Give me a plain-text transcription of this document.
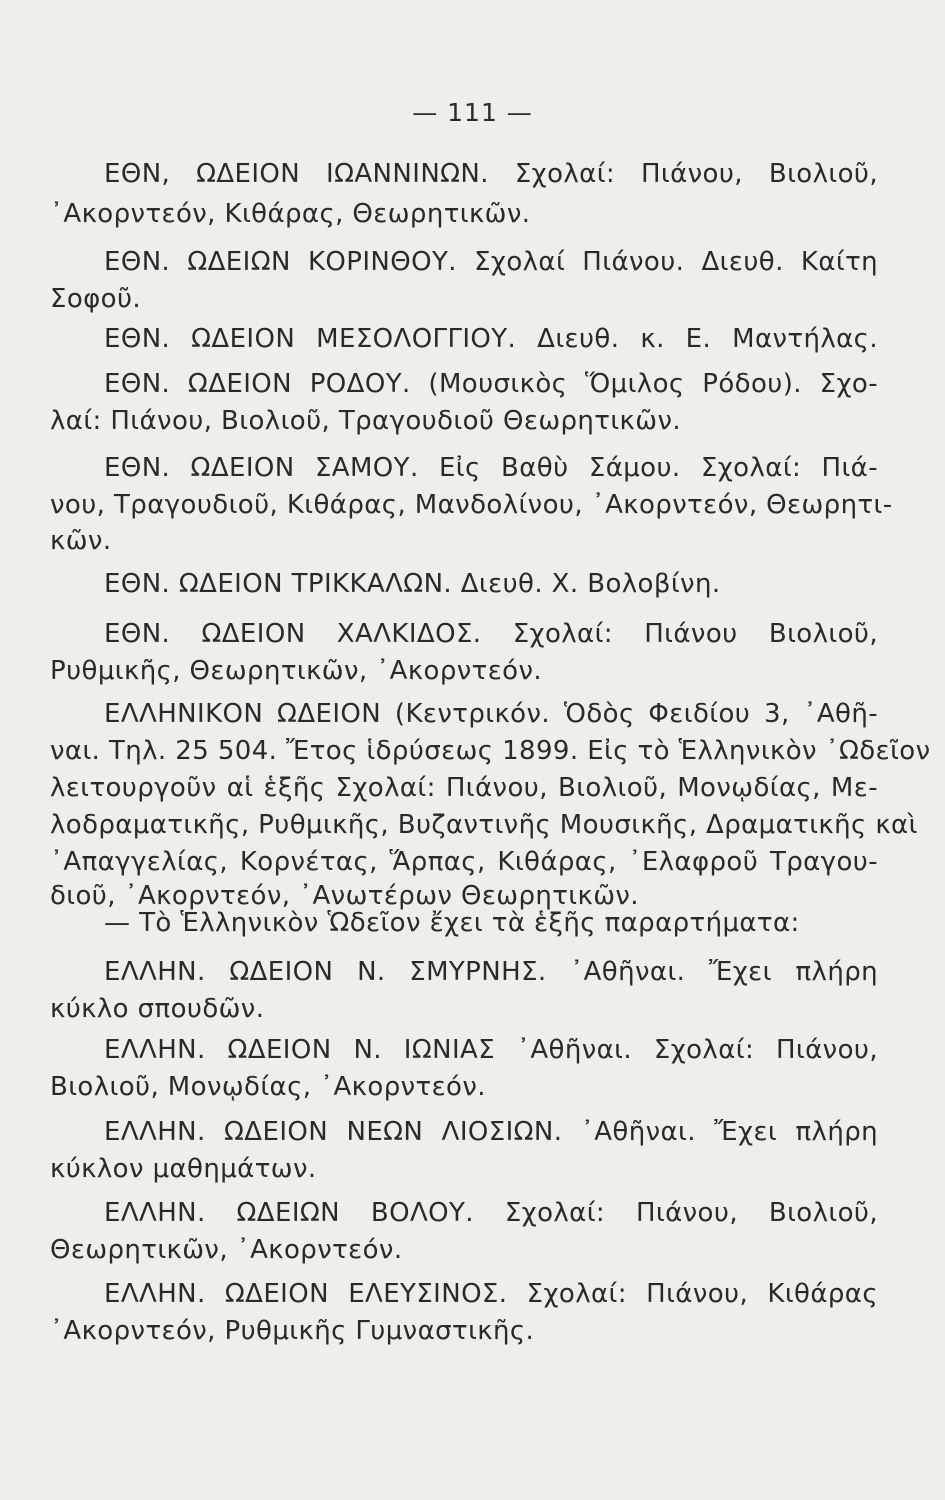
— 111 —
ΕΘΝ, ΩΔΕΙΟΝ ΙΩΑΝΝΙΝΩΝ. Σχολαί: Πιάνου, Βιολιοῦ,
᾿Ακορντεόν, Κιθάρας, Θεωρητικῶν.
ΕΘΝ. ΩΔΕΙΩΝ ΚΟΡΙΝΘΟΥ. Σχολαί Πιάνου. Διευθ. Καίτη
Σοφοῦ.
ΕΘΝ. ΩΔΕΙΟΝ ΜΕΣΟΛΟΓΓΙΟΥ. Διευθ. κ. Ε. Μαντήλας.
ΕΘΝ. ΩΔΕΙΟΝ ΡΟΔΟΥ. (Μουσικὸς Ὅμιλος Ρόδου). Σχο-
λαί: Πιάνου, Βιολιοῦ, Τραγουδιοῦ Θεωρητικῶν.
ΕΘΝ. ΩΔΕΙΟΝ ΣΑΜΟΥ. Εἰς Βαθὺ Σάμου. Σχολαί: Πιά-
νου, Τραγουδιοῦ, Κιθάρας, Μανδολίνου, ᾿Ακορντεόν, Θεωρητι-
κῶν.
ΕΘΝ. ΩΔΕΙΟΝ ΤΡΙΚΚΑΛΩΝ. Διευθ. Χ. Βολοβίνη.
ΕΘΝ. ΩΔΕΙΟΝ ΧΑΛΚΙΔΟΣ. Σχολαί: Πιάνου Βιολιοῦ,
Ρυθμικῆς, Θεωρητικῶν, ᾿Ακορντεόν.
ΕΛΛΗΝΙΚΟΝ ΩΔΕΙΟΝ (Κεντρικόν. Ὁδὸς Φειδίου 3, ᾿Αθῆ-
ναι. Τηλ. 25 504. Ἔτος ἱδρύσεως 1899. Εἰς τὸ Ἑλληνικὸν ᾿Ωδεῖον
λειτουργοῦν αἱ ἑξῆς Σχολαί: Πιάνου, Βιολιοῦ, Μονῳδίας, Με-
λοδραματικῆς, Ρυθμικῆς, Βυζαντινῆς Μουσικῆς, Δραματικῆς καὶ
᾿Απαγγελίας, Κορνέτας, Ἅρπας, Κιθάρας, ᾿Ελαφροῦ Τραγου-
διοῦ, ᾿Ακορντεόν, ᾿Ανωτέρων Θεωρητικῶν.
— Τὸ Ἑλληνικὸν Ὡδεῖον ἔχει τὰ ἑξῆς παραρτήματα:
ΕΛΛΗΝ. ΩΔΕΙΟΝ Ν. ΣΜΥΡΝΗΣ. ᾿Αθῆναι. Ἔχει πλήρη
κύκλο σπουδῶν.
ΕΛΛΗΝ. ΩΔΕΙΟΝ Ν. ΙΩΝΙΑΣ ᾿Αθῆναι. Σχολαί: Πιάνου,
Βιολιοῦ, Μονῳδίας, ᾿Ακορντεόν.
ΕΛΛΗΝ. ΩΔΕΙΟΝ ΝΕΩΝ ΛΙΟΣΙΩΝ. ᾿Αθῆναι. Ἔχει πλήρη
κύκλον μαθημάτων.
ΕΛΛΗΝ. ΩΔΕΙΩΝ ΒΟΛΟΥ. Σχολαί: Πιάνου, Βιολιοῦ,
Θεωρητικῶν, ᾿Ακορντεόν.
ΕΛΛΗΝ. ΩΔΕΙΟΝ ΕΛΕΥΣΙΝΟΣ. Σχολαί: Πιάνου, Κιθάρας
᾿Ακορντεόν, Ρυθμικῆς Γυμναστικῆς.
